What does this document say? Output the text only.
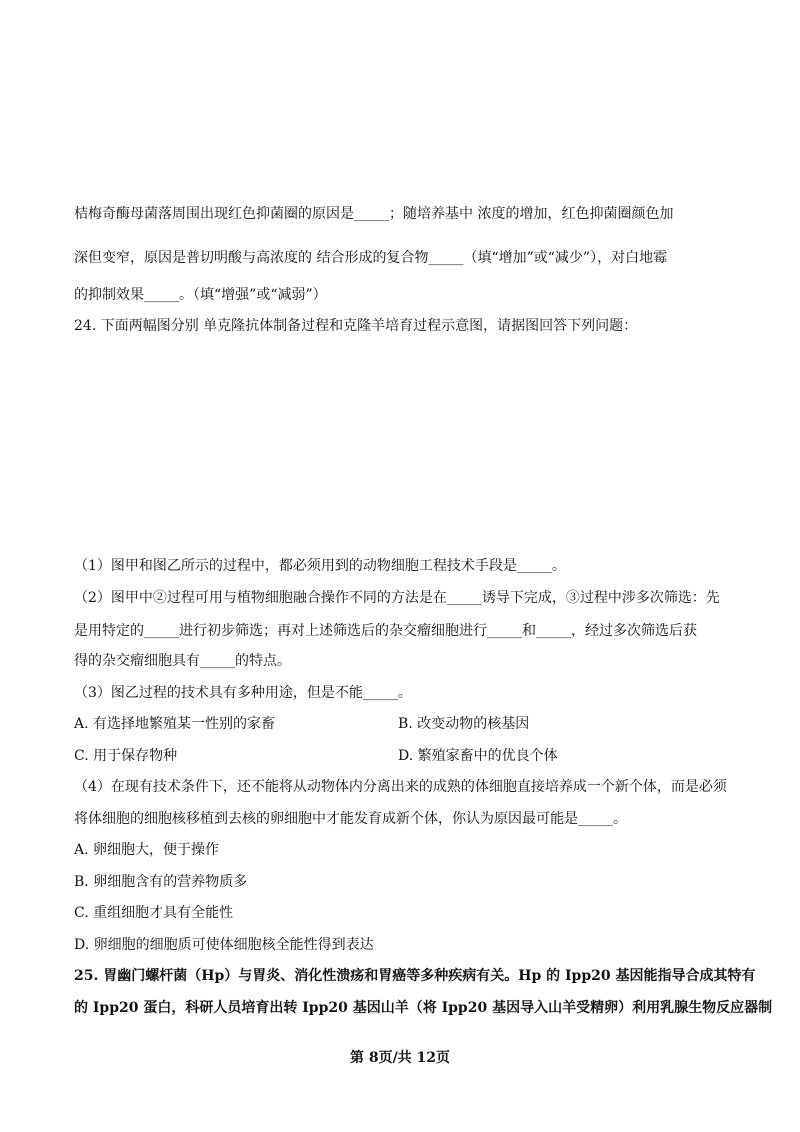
桔梅奇酶母菌落周围出现红色抑菌圈的原因是_____；随培养基中 浓度的增加，红色抑菌圈颜色加
深但变窄，原因是普切明酸与高浓度的 结合形成的复合物_____（填“增加”或“减少”），对白地霉
的抑制效果_____。（填“增强”或“减弱”）
24. 下面两幅图分别 单克隆抗体制备过程和克隆羊培育过程示意图，请据图回答下列问题：
（1）图甲和图乙所示的过程中，都必须用到的动物细胞工程技术手段是_____。
（2）图甲中②过程可用与植物细胞融合操作不同的方法是在_____诱导下完成，③过程中涉多次筛选：先
是用特定的_____进行初步筛选；再对上述筛选后的杂交瘤细胞进行_____和_____，经过多次筛选后获
得的杂交瘤细胞具有_____的特点。
（3）图乙过程的技术具有多种用途，但是不能_____。
A. 有选择地繁殖某一性别的家畜	B. 改变动物的核基因
C. 用于保存物种	D. 繁殖家畜中的优良个体
（4）在现有技术条件下，还不能将从动物体内分离出来的成熟的体细胞直接培养成一个新个体，而是必须
将体细胞的细胞核移植到去核的卵细胞中才能发育成新个体，你认为原因最可能是_____。
A. 卵细胞大，便于操作
B. 卵细胞含有的营养物质多
C. 重组细胞才具有全能性
D. 卵细胞的细胞质可使体细胞核全能性得到表达
25. 胃幽门螺杆菌（Hp）与胃炎、消化性溃疡和胃癌等多种疾病有关。Hp 的 Ipp20 基因能指导合成其特有
的 Ipp20 蛋白，科研人员培育出转 Ipp20 基因山羊（将 Ipp20 基因导入山羊受精卵）利用乳腺生物反应器制
第 8页/共 12页
